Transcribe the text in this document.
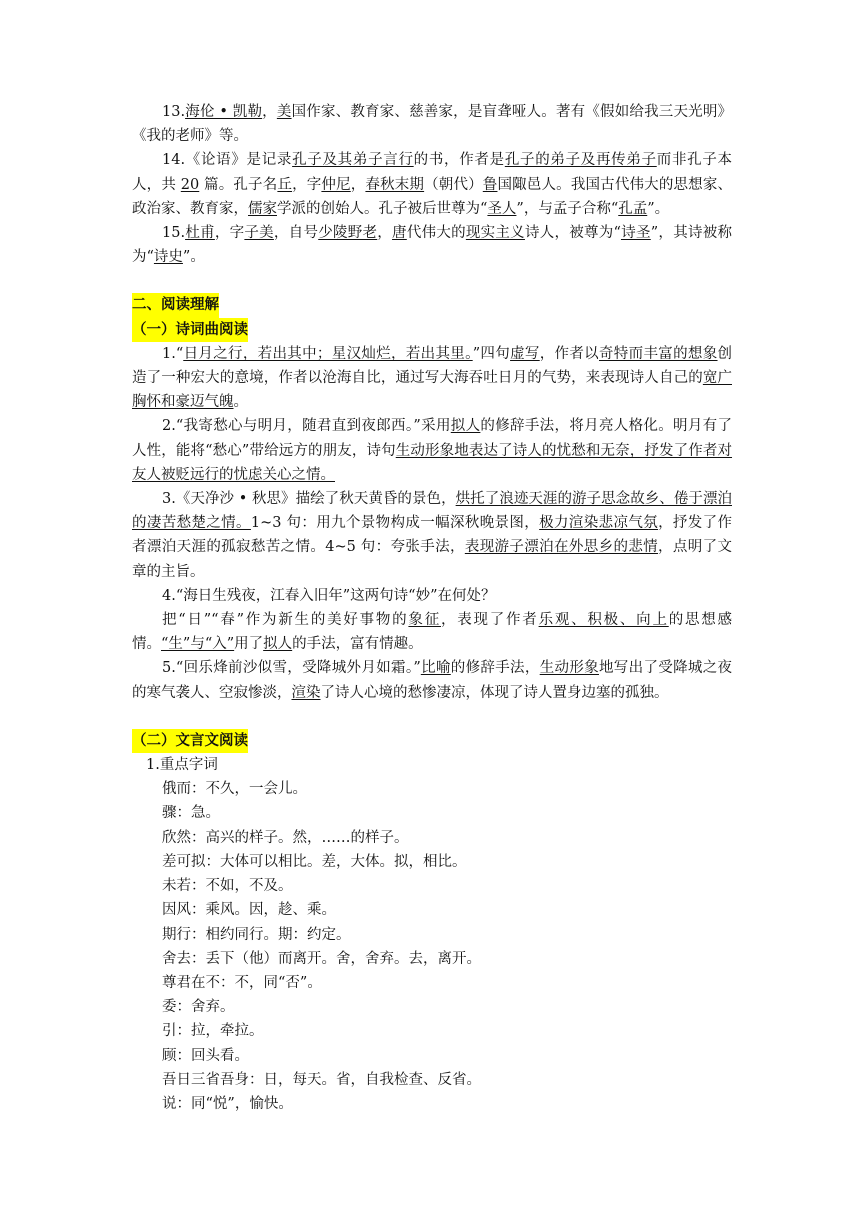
13.海伦 • 凯勒，美国作家、教育家、慈善家，是盲聋哑人。著有《假如给我三天光明》《我的老师》等。

14.《论语》是记录孔子及其弟子言行的书，作者是孔子的弟子及再传弟子而非孔子本人，共 20 篇。孔子名丘，字仲尼，春秋末期（朝代）鲁国陬邑人。我国古代伟大的思想家、政治家、教育家，儒家学派的创始人。孔子被后世尊为“圣人”，与孟子合称“孔孟”。

15.杜甫，字子美，自号少陵野老，唐代伟大的现实主义诗人，被尊为“诗圣”，其诗被称为“诗史”。

二、阅读理解

（一）诗词曲阅读

1.“日月之行，若出其中；星汉灿烂，若出其里。”四句虚写，作者以奇特而丰富的想象创造了一种宏大的意境，作者以沧海自比，通过写大海吞吐日月的气势，来表现诗人自己的宽广胸怀和豪迈气魄。

2.“我寄愁心与明月，随君直到夜郎西。”采用拟人的修辞手法，将月亮人格化。明月有了人性，能将“愁心”带给远方的朋友，诗句生动形象地表达了诗人的忧愁和无奈，抒发了作者对友人被贬远行的忧虑关心之情。

3.《天净沙 • 秋思》描绘了秋天黄昏的景色，烘托了浪迹天涯的游子思念故乡、倦于漂泊的凄苦愁楚之情。1~3 句：用九个景物构成一幅深秋晚景图，极力渲染悲凉气氛，抒发了作者漂泊天涯的孤寂愁苦之情。4~5 句：夸张手法，表现游子漂泊在外思乡的悲情，点明了文章的主旨。

4.“海日生残夜，江春入旧年”这两句诗“妙”在何处？

把“日”“春”作为新生的美好事物的象征，表现了作者乐观、积极、向上的思想感情。“生”与“入”用了拟人的手法，富有情趣。

5.“回乐烽前沙似雪，受降城外月如霜。”比喻的修辞手法，生动形象地写出了受降城之夜的寒气袭人、空寂惨淡，渲染了诗人心境的愁惨凄凉，体现了诗人置身边塞的孤独。

（二）文言文阅读

1.重点字词

俄而：不久，一会儿。

骤：急。

欣然：高兴的样子。然，……的样子。

差可拟：大体可以相比。差，大体。拟，相比。

未若：不如，不及。

因风：乘风。因，趁、乘。

期行：相约同行。期：约定。

舍去：丢下（他）而离开。舍，舍弃。去，离开。

尊君在不：不，同“否”。

委：舍弃。

引：拉，牵拉。

顾：回头看。

吾日三省吾身：日，每天。省，自我检查、反省。

说：同“悦”，愉快。
